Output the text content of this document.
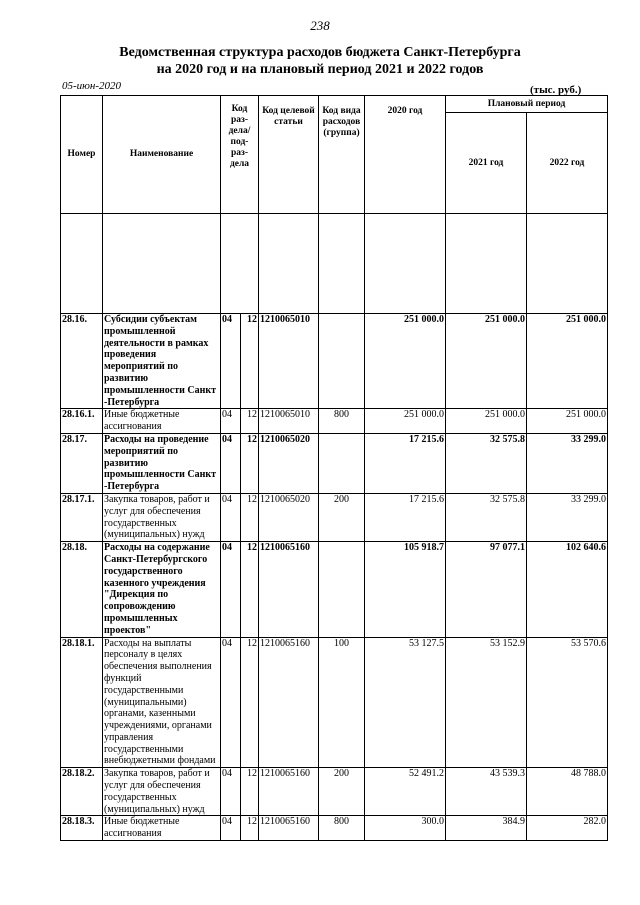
238
Ведомственная структура расходов бюджета Санкт-Петербурга
на 2020 год и на плановый период 2021 и 2022 годов
05-июн-2020	(тыс. руб.)
Номер	Наименование	Код раз- дела/ под- раз- дела		Код целевой статьи	Код вида расходов (группа)	2020 год	Плановый период	
							2021 год	2022 год

28.16.	Субсидии субъектам промышленной деятельности в рамках проведения мероприятий по развитию промышленности Санкт -Петербурга	04	12	1210065010		251 000.0	251 000.0	251 000.0
28.16.1.	Иные бюджетные ассигнования	04	12	1210065010	800	251 000.0	251 000.0	251 000.0
28.17.	Расходы на проведение мероприятий по развитию промышленности Санкт -Петербурга	04	12	1210065020		17 215.6	32 575.8	33 299.0
28.17.1.	Закупка товаров, работ и услуг для обеспечения государственных (муниципальных) нужд	04	12	1210065020	200	17 215.6	32 575.8	33 299.0
28.18.	Расходы на содержание Санкт-Петербургского государственного казенного учреждения "Дирекция по сопровождению промышленных проектов"	04	12	1210065160		105 918.7	97 077.1	102 640.6
28.18.1.	Расходы на выплаты персоналу в целях обеспечения выполнения функций государственными (муниципальными) органами, казенными учреждениями, органами управления государственными внебюджетными фондами	04	12	1210065160	100	53 127.5	53 152.9	53 570.6
28.18.2.	Закупка товаров, работ и услуг для обеспечения государственных (муниципальных) нужд	04	12	1210065160	200	52 491.2	43 539.3	48 788.0
28.18.3.	Иные бюджетные ассигнования	04	12	1210065160	800	300.0	384.9	282.0
